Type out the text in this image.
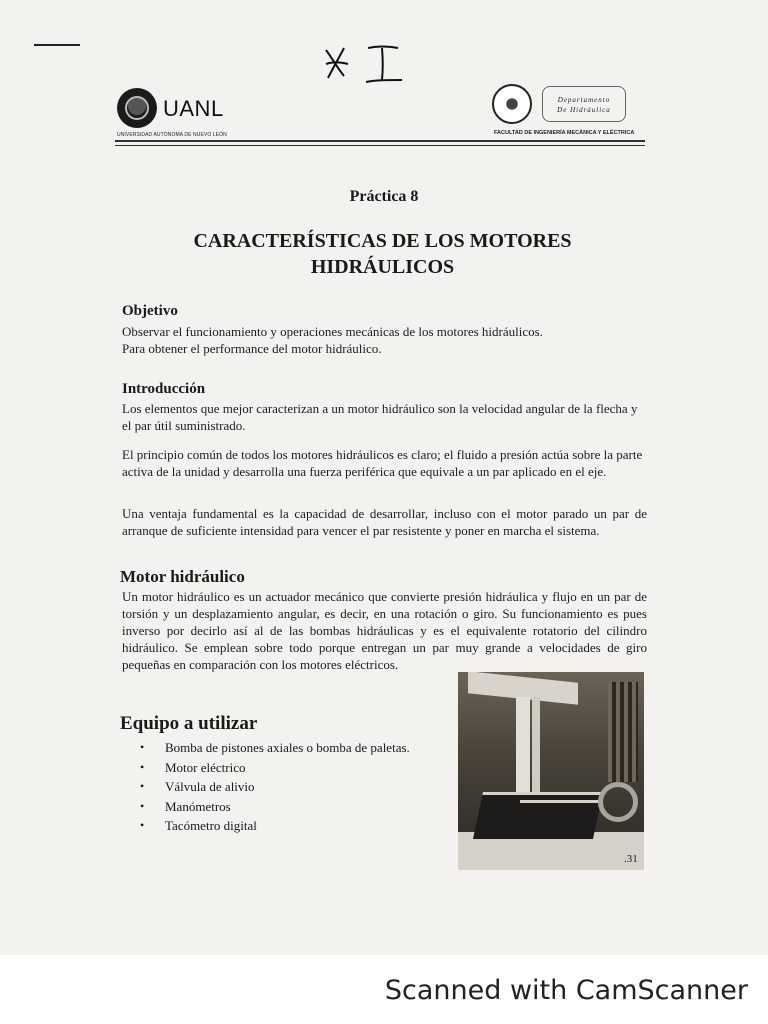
UANL
UNIVERSIDAD AUTÓNOMA DE NUEVO LEÓN
Departamento
De Hidráulica
FACULTAD DE INGENIERÍA MECÁNICA Y ELÉCTRICA
Práctica 8
CARACTERÍSTICAS DE LOS MOTORES
HIDRÁULICOS
Objetivo
Observar el funcionamiento y operaciones mecánicas de los motores hidráulicos.
Para obtener el performance del motor hidráulico.
Introducción
Los elementos que mejor caracterizan a un motor hidráulico son la velocidad angular de la flecha y el par útil suministrado.
El principio común de todos los motores hidráulicos es claro; el fluido a presión actúa sobre la parte activa de la unidad y desarrolla una fuerza periférica que equivale a un par aplicado en el eje.
Una ventaja fundamental es la capacidad de desarrollar, incluso con el motor parado un par de arranque de suficiente intensidad para vencer el par resistente y poner en marcha el sistema.
Motor hidráulico
Un motor hidráulico es un actuador mecánico que convierte presión hidráulica y flujo en un par de torsión y un desplazamiento angular, es decir, en una rotación o giro. Su funcionamiento es pues inverso por decirlo así al de las bombas hidráulicas y es el equivalente rotatorio del cilindro hidráulico. Se emplean sobre todo porque entregan un par muy grande a velocidades de giro pequeñas en comparación con los motores eléctricos.
Equipo a utilizar
• Bomba de pistones axiales o bomba de paletas.
• Motor eléctrico
• Válvula de alivio
• Manómetros
• Tacómetro digital
.31
Scanned with CamScanner
